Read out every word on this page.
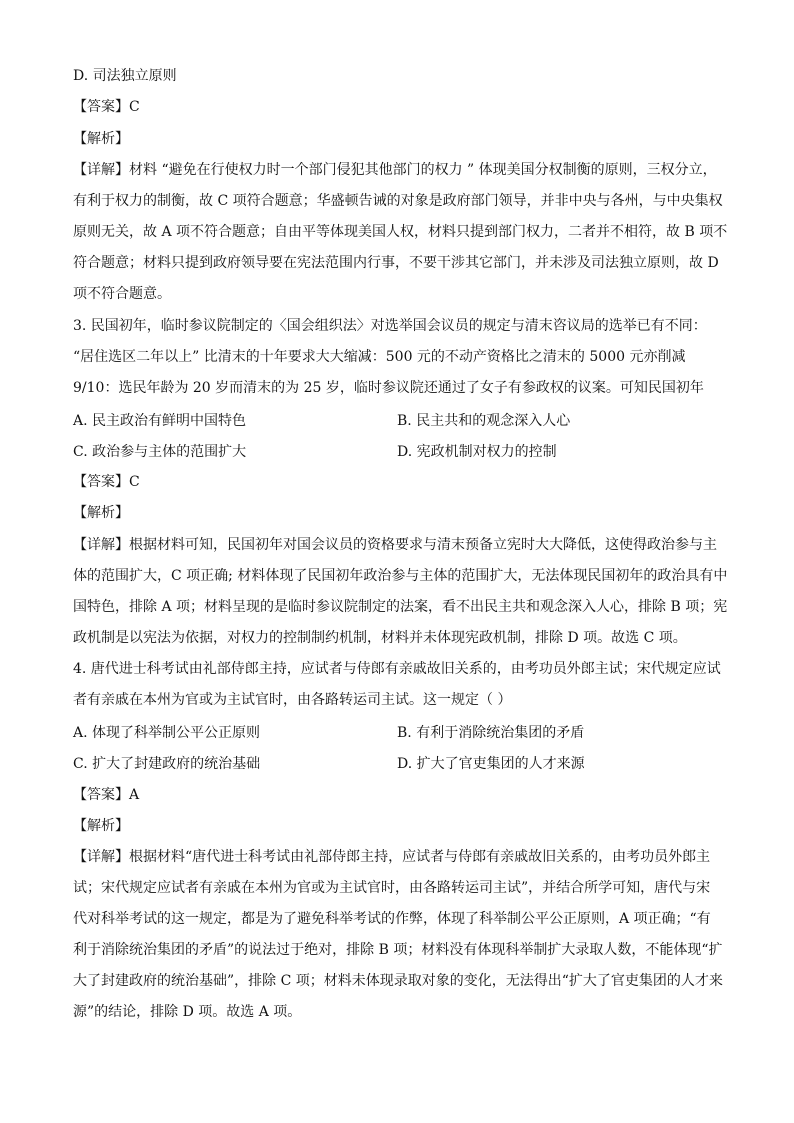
D. 司法独立原则
【答案】C
【解析】
【详解】材料 “避免在行使权力时一个部门侵犯其他部门的权力 ” 体现美国分权制衡的原则，三权分立，
有利于权力的制衡，故 C 项符合题意；华盛顿告诫的对象是政府部门领导，并非中央与各州，与中央集权
原则无关，故 A 项不符合题意；自由平等体现美国人权，材料只提到部门权力，二者并不相符，故 B 项不
符合题意；材料只提到政府领导要在宪法范围内行事，不要干涉其它部门，并未涉及司法独立原则，故 D
项不符合题意。
3. 民国初年，临时参议院制定的〈国会组织法〉对选举国会议员的规定与清末咨议局的选举已有不同：
“居住选区二年以上” 比清末的十年要求大大缩减：500 元的不动产资格比之清末的 5000 元亦削减
9/10：选民年龄为 20 岁而清末的为 25 岁，临时参议院还通过了女子有参政权的议案。可知民国初年
A. 民主政治有鲜明中国特色	B. 民主共和的观念深入人心
C. 政治参与主体的范围扩大	D. 宪政机制对权力的控制
【答案】C
【解析】
【详解】根据材料可知，民国初年对国会议员的资格要求与清末预备立宪时大大降低，这使得政治参与主
体的范围扩大，C 项正确; 材料体现了民国初年政治参与主体的范围扩大，无法体现民国初年的政治具有中
国特色，排除 A 项；材料呈现的是临时参议院制定的法案，看不出民主共和观念深入人心，排除 B 项；宪
政机制是以宪法为依据，对权力的控制制约机制，材料并未体现宪政机制，排除 D 项。故选 C 项。
4. 唐代进士科考试由礼部侍郎主持，应试者与侍郎有亲戚故旧关系的，由考功员外郎主试；宋代规定应试
者有亲戚在本州为官或为主试官时，由各路转运司主试。这一规定（ ）
A. 体现了科举制公平公正原则	B. 有利于消除统治集团的矛盾
C. 扩大了封建政府的统治基础	D. 扩大了官吏集团的人才来源
【答案】A
【解析】
【详解】根据材料“唐代进士科考试由礼部侍郎主持，应试者与侍郎有亲戚故旧关系的，由考功员外郎主
试；宋代规定应试者有亲戚在本州为官或为主试官时，由各路转运司主试”，并结合所学可知，唐代与宋
代对科举考试的这一规定，都是为了避免科举考试的作弊，体现了科举制公平公正原则，A 项正确；“有
利于消除统治集团的矛盾”的说法过于绝对，排除 B 项；材料没有体现科举制扩大录取人数，不能体现“扩
大了封建政府的统治基础”，排除 C 项；材料未体现录取对象的变化，无法得出“扩大了官吏集团的人才来
源”的结论，排除 D 项。故选 A 项。
